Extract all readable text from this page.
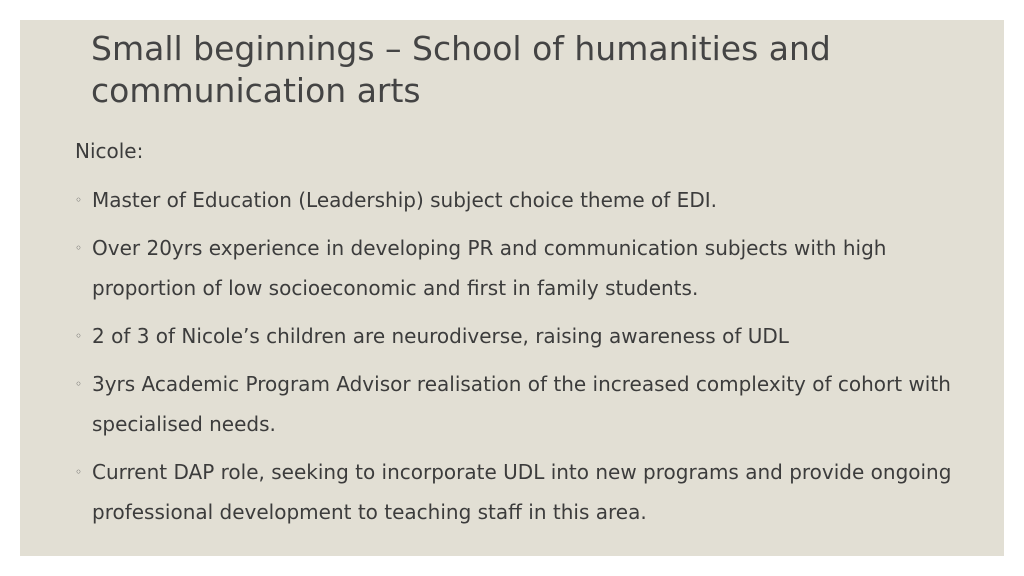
Small beginnings – School of humanities and communication arts

Nicole:

◦ Master of Education (Leadership) subject choice theme of EDI.
◦ Over 20yrs experience in developing PR and communication subjects with high proportion of low socioeconomic and first in family students.
◦ 2 of 3 of Nicole’s children are neurodiverse, raising awareness of UDL
◦ 3yrs Academic Program Advisor realisation of the increased complexity of cohort with specialised needs.
◦ Current DAP role, seeking to incorporate UDL into new programs and provide ongoing professional development to teaching staff in this area.
